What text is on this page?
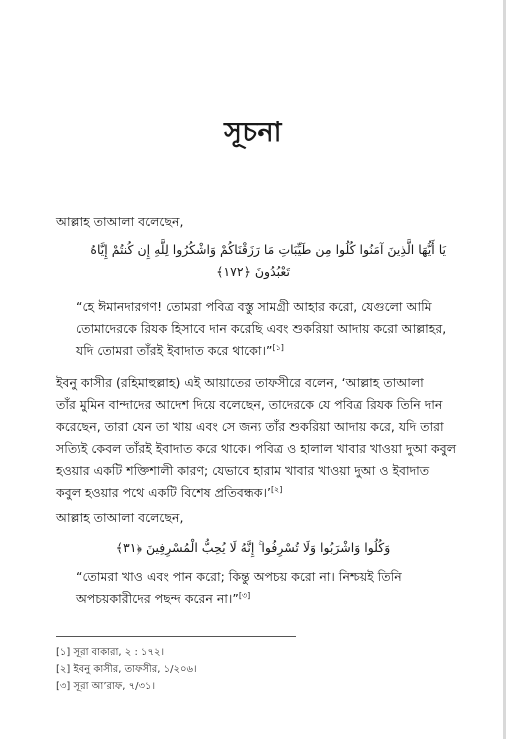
সূচনা
আল্লাহ তাআলা বলেছেন,
يَا أَيُّهَا الَّذِينَ آمَنُوا كُلُوا مِن طَيِّبَاتِ مَا رَزَقْنَاكُمْ وَاشْكُرُوا لِلَّهِ إِن كُنتُمْ إِيَّاهُ
تَعْبُدُونَ ﴿١٧٢﴾
“হে ঈমানদারগণ! তোমরা পবিত্র বস্তু সামগ্রী আহার করো, যেগুলো আমি
তোমাদেরকে রিযক হিসাবে দান করেছি এবং শুকরিয়া আদায় করো আল্লাহর,
যদি তোমরা তাঁরই ইবাদাত করে থাকো।”[১]
ইবনু কাসীর (রহিমাহুল্লাহ) এই আয়াতের তাফসীরে বলেন, ‘আল্লাহ তাআলা
তাঁর মুমিন বান্দাদের আদেশ দিয়ে বলেছেন, তাদেরকে যে পবিত্র রিযক তিনি দান
করেছেন, তারা যেন তা খায় এবং সে জন্য তাঁর শুকরিয়া আদায় করে, যদি তারা
সত্যিই কেবল তাঁরই ইবাদাত করে থাকে। পবিত্র ও হালাল খাবার খাওয়া দুআ কবুল
হওয়ার একটি শক্তিশালী কারণ; যেভাবে হারাম খাবার খাওয়া দুআ ও ইবাদাত
কবুল হওয়ার পথে একটি বিশেষ প্রতিবন্ধক।’[২]
আল্লাহ তাআলা বলেছেন,
وَكُلُوا وَاشْرَبُوا وَلَا تُسْرِفُوا ۚ إِنَّهُ لَا يُحِبُّ الْمُسْرِفِينَ ﴿٣١﴾
“তোমরা খাও এবং পান করো; কিন্তু অপচয় করো না। নিশ্চয়ই তিনি
অপচয়কারীদের পছন্দ করেন না।”[৩]
[১] সূরা বাকারা, ২ : ১৭২।
[২] ইবনু কাসীর, তাফসীর, ১/২০৬।
[৩] সূরা আ’রাফ, ৭/৩১।
